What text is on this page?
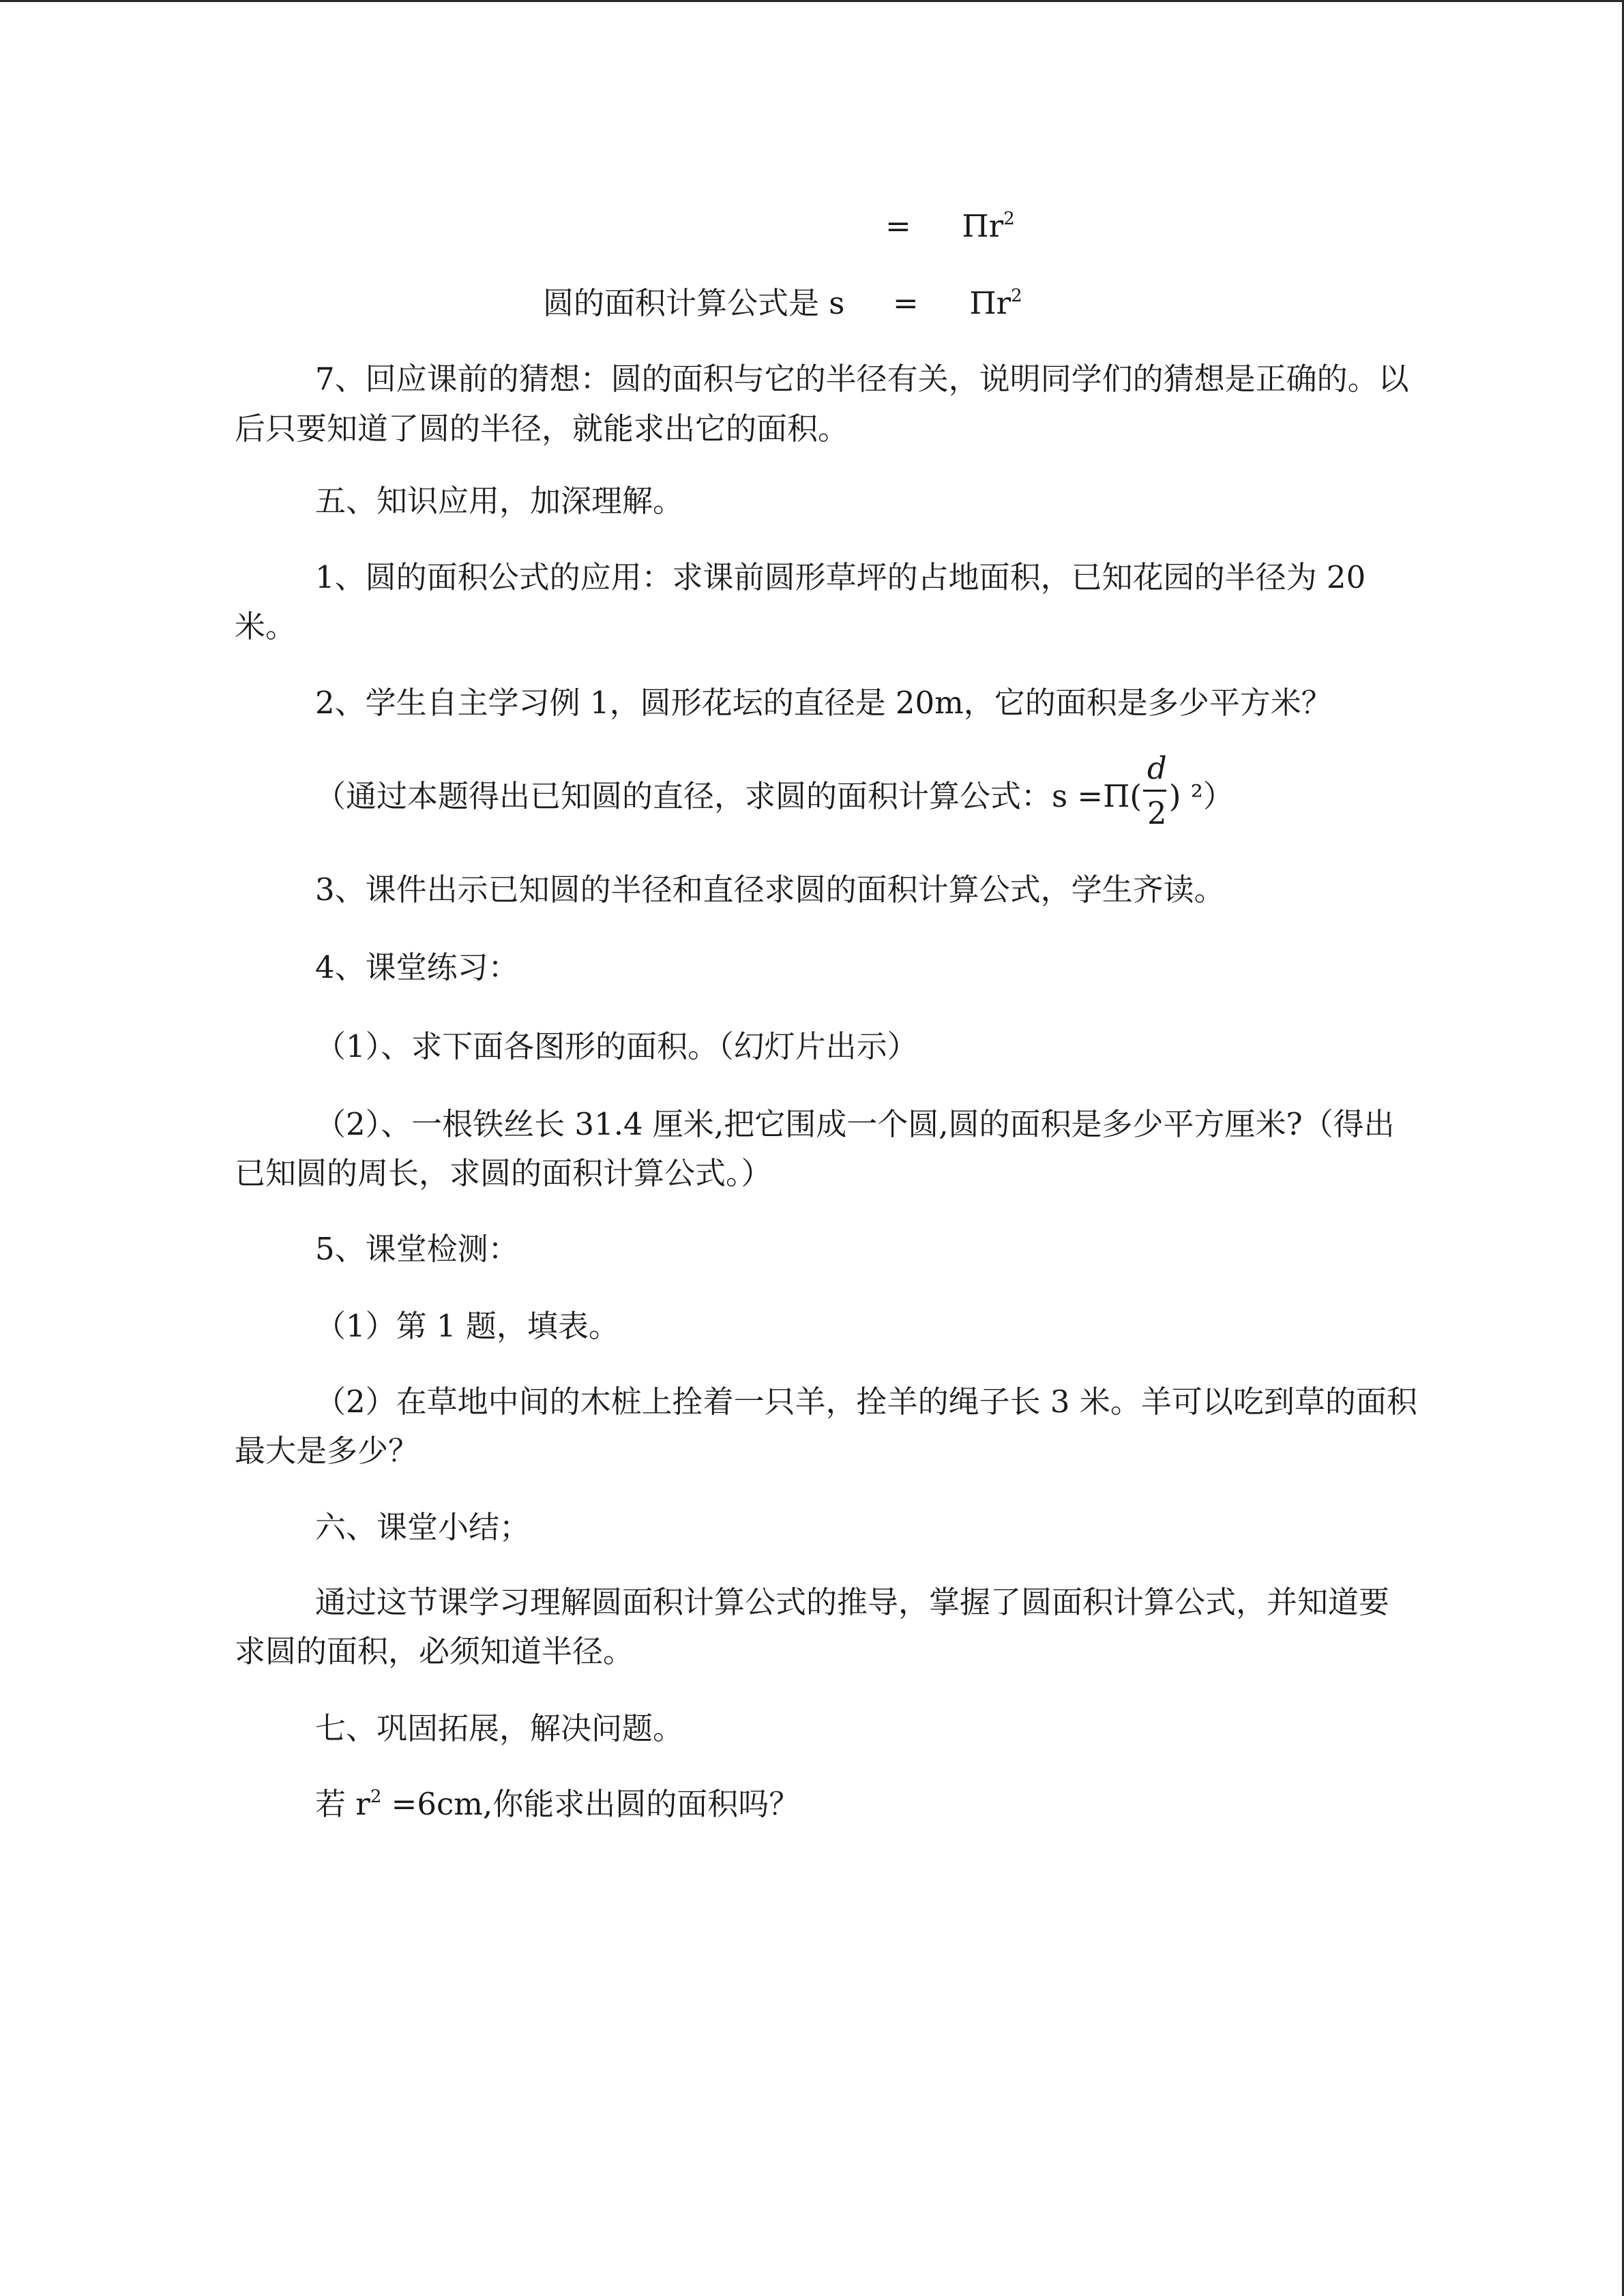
= $\Pi r^2$
圆的面积计算公式是 $s = \Pi r^2$
7、回应课前的猜想：圆的面积与它的半径有关，说明同学们的猜想是正确的。以
后只要知道了圆的半径，就能求出它的面积。
五、知识应用，加深理解。
1、圆的面积公式的应用：求课前圆形草坪的占地面积，已知花园的半径为 20
米。
2、学生自主学习例 1，圆形花坛的直径是 20m，它的面积是多少平方米？
（通过本题得出已知圆的直径，求圆的面积计算公式：$s =\Pi( \frac{d}{2}$ ) ²）
3、课件出示已知圆的半径和直径求圆的面积计算公式，学生齐读。
4、课堂练习：
（1）、求下面各图形的面积。（幻灯片出示）
（2）、一根铁丝长 31.4 厘米,把它围成一个圆,圆的面积是多少平方厘米?（得出
已知圆的周长，求圆的面积计算公式。）
5、课堂检测：
（1）第 1 题，填表。
（2）在草地中间的木桩上拴着一只羊，拴羊的绳子长 3 米。羊可以吃到草的面积
最大是多少？
六、课堂小结；
通过这节课学习理解圆面积计算公式的推导，掌握了圆面积计算公式，并知道要
求圆的面积，必须知道半径。
七、巩固拓展，解决问题。
若 $r^2 =6cm$,你能求出圆的面积吗？
